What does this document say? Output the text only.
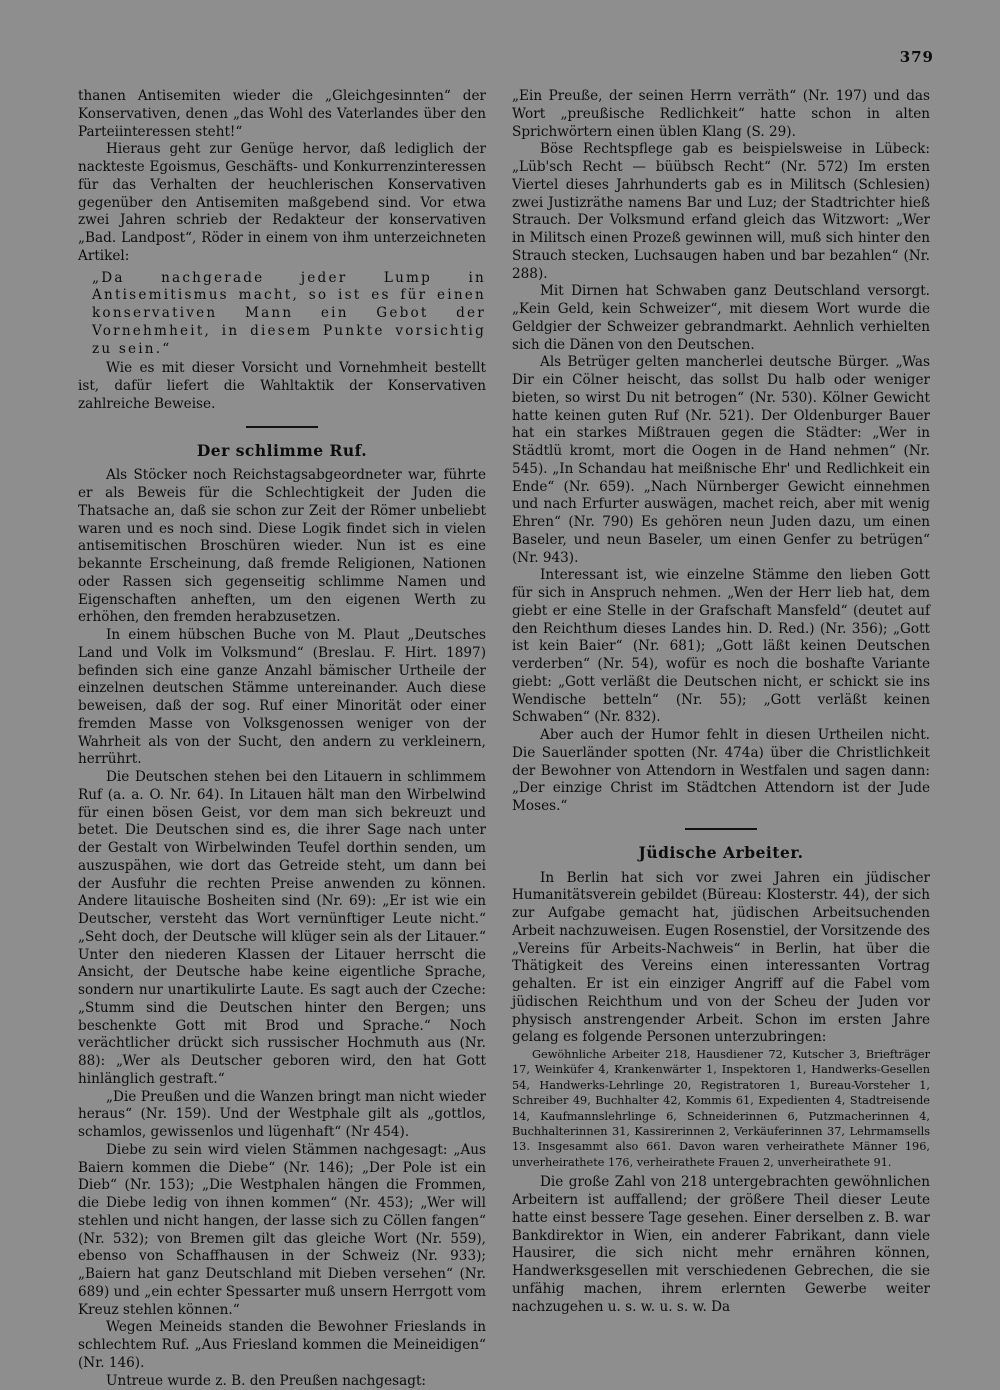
379

thanen Antisemiten wieder die „Gleichgesinnten“ der Konservativen, denen „das Wohl des Vaterlandes über den Parteiinteressen steht!“

Hieraus geht zur Genüge hervor, daß lediglich der nackteste Egoismus, Geschäfts- und Konkurrenzinteressen für das Verhalten der heuchlerischen Konservativen gegenüber den Antisemiten maßgebend sind. Vor etwa zwei Jahren schrieb der Redakteur der konservativen „Bad. Landpost“, Röder in einem von ihm unterzeichneten Artikel:

„Da nachgerade jeder Lump in Antisemitismus macht, so ist es für einen konservativen Mann ein Gebot der Vornehmheit, in diesem Punkte vorsichtig zu sein.“

Wie es mit dieser Vorsicht und Vornehmheit bestellt ist, dafür liefert die Wahltaktik der Konservativen zahlreiche Beweise.

Der schlimme Ruf.

Als Stöcker noch Reichstagsabgeordneter war, führte er als Beweis für die Schlechtigkeit der Juden die Thatsache an, daß sie schon zur Zeit der Römer unbeliebt waren und es noch sind. Diese Logik findet sich in vielen antisemitischen Broschüren wieder. Nun ist es eine bekannte Erscheinung, daß fremde Religionen, Nationen oder Rassen sich gegenseitig schlimme Namen und Eigenschaften anheften, um den eigenen Werth zu erhöhen, den fremden herabzusetzen.

In einem hübschen Buche von M. Plaut „Deutsches Land und Volk im Volksmund“ (Breslau. F. Hirt. 1897) befinden sich eine ganze Anzahl bämischer Urtheile der einzelnen deutschen Stämme untereinander. Auch diese beweisen, daß der sog. Ruf einer Minorität oder einer fremden Masse von Volksgenossen weniger von der Wahrheit als von der Sucht, den andern zu verkleinern, herrührt.

Die Deutschen stehen bei den Litauern in schlimmem Ruf (a. a. O. Nr. 64). In Litauen hält man den Wirbelwind für einen bösen Geist, vor dem man sich bekreuzt und betet. Die Deutschen sind es, die ihrer Sage nach unter der Gestalt von Wirbelwinden Teufel dorthin senden, um auszuspähen, wie dort das Getreide steht, um dann bei der Ausfuhr die rechten Preise anwenden zu können. Andere litauische Bosheiten sind (Nr. 69): „Er ist wie ein Deutscher, versteht das Wort vernünftiger Leute nicht.“ „Seht doch, der Deutsche will klüger sein als der Litauer.“ Unter den niederen Klassen der Litauer herrscht die Ansicht, der Deutsche habe keine eigentliche Sprache, sondern nur unartikulirte Laute. Es sagt auch der Czeche: „Stumm sind die Deutschen hinter den Bergen; uns beschenkte Gott mit Brod und Sprache.“ Noch verächtlicher drückt sich russischer Hochmuth aus (Nr. 88): „Wer als Deutscher geboren wird, den hat Gott hinlänglich gestraft.“

„Die Preußen und die Wanzen bringt man nicht wieder heraus“ (Nr. 159). Und der Westphale gilt als „gottlos, schamlos, gewissenlos und lügenhaft“ (Nr 454).

Diebe zu sein wird vielen Stämmen nachgesagt: „Aus Baiern kommen die Diebe“ (Nr. 146); „Der Pole ist ein Dieb“ (Nr. 153); „Die Westphalen hängen die Frommen, die Diebe ledig von ihnen kommen“ (Nr. 453); „Wer will stehlen und nicht hangen, der lasse sich zu Cöllen fangen“ (Nr. 532); von Bremen gilt das gleiche Wort (Nr. 559), ebenso von Schaffhausen in der Schweiz (Nr. 933); „Baiern hat ganz Deutschland mit Dieben versehen“ (Nr. 689) und „ein echter Spessarter muß unsern Herrgott vom Kreuz stehlen können.“

Wegen Meineids standen die Bewohner Frieslands in schlechtem Ruf. „Aus Friesland kommen die Meineidigen“ (Nr. 146).

Untreue wurde z. B. den Preußen nachgesagt:

„Ein Preuße, der seinen Herrn verräth“ (Nr. 197) und das Wort „preußische Redlichkeit“ hatte schon in alten Sprichwörtern einen üblen Klang (S. 29).

Böse Rechtspflege gab es beispielsweise in Lübeck: „Lüb'sch Recht — büübsch Recht“ (Nr. 572) Im ersten Viertel dieses Jahrhunderts gab es in Militsch (Schlesien) zwei Justizräthe namens Bar und Luz; der Stadtrichter hieß Strauch. Der Volksmund erfand gleich das Witzwort: „Wer in Militsch einen Prozeß gewinnen will, muß sich hinter den Strauch stecken, Luchsaugen haben und bar bezahlen“ (Nr. 288).

Mit Dirnen hat Schwaben ganz Deutschland versorgt. „Kein Geld, kein Schweizer“, mit diesem Wort wurde die Geldgier der Schweizer gebrandmarkt. Aehnlich verhielten sich die Dänen von den Deutschen.

Als Betrüger gelten mancherlei deutsche Bürger. „Was Dir ein Cölner heischt, das sollst Du halb oder weniger bieten, so wirst Du nit betrogen“ (Nr. 530). Kölner Gewicht hatte keinen guten Ruf (Nr. 521). Der Oldenburger Bauer hat ein starkes Mißtrauen gegen die Städter: „Wer in Städtlü kromt, mort die Oogen in de Hand nehmen“ (Nr. 545). „In Schandau hat meißnische Ehr' und Redlichkeit ein Ende“ (Nr. 659). „Nach Nürnberger Gewicht einnehmen und nach Erfurter auswägen, machet reich, aber mit wenig Ehren“ (Nr. 790) Es gehören neun Juden dazu, um einen Baseler, und neun Baseler, um einen Genfer zu betrügen“ (Nr. 943).

Interessant ist, wie einzelne Stämme den lieben Gott für sich in Anspruch nehmen. „Wen der Herr lieb hat, dem giebt er eine Stelle in der Grafschaft Mansfeld“ (deutet auf den Reichthum dieses Landes hin. D. Red.) (Nr. 356); „Gott ist kein Baier“ (Nr. 681); „Gott läßt keinen Deutschen verderben“ (Nr. 54), wofür es noch die boshafte Variante giebt: „Gott verläßt die Deutschen nicht, er schickt sie ins Wendische betteln“ (Nr. 55); „Gott verläßt keinen Schwaben“ (Nr. 832).

Aber auch der Humor fehlt in diesen Urtheilen nicht. Die Sauerländer spotten (Nr. 474a) über die Christlichkeit der Bewohner von Attendorn in Westfalen und sagen dann: „Der einzige Christ im Städtchen Attendorn ist der Jude Moses.“

Jüdische Arbeiter.

In Berlin hat sich vor zwei Jahren ein jüdischer Humanitätsverein gebildet (Büreau: Klosterstr. 44), der sich zur Aufgabe gemacht hat, jüdischen Arbeitsuchenden Arbeit nachzuweisen. Eugen Rosenstiel, der Vorsitzende des „Vereins für Arbeits-Nachweis“ in Berlin, hat über die Thätigkeit des Vereins einen interessanten Vortrag gehalten. Er ist ein einziger Angriff auf die Fabel vom jüdischen Reichthum und von der Scheu der Juden vor physisch anstrengender Arbeit. Schon im ersten Jahre gelang es folgende Personen unterzubringen:

Gewöhnliche Arbeiter 218, Hausdiener 72, Kutscher 3, Briefträger 17, Weinküfer 4, Krankenwärter 1, Inspektoren 1, Handwerks-Gesellen 54, Handwerks-Lehrlinge 20, Registratoren 1, Bureau-Vorsteher 1, Schreiber 49, Buchhalter 42, Kommis 61, Expedienten 4, Stadtreisende 14, Kaufmannslehrlinge 6, Schneiderinnen 6, Putzmacherinnen 4, Buchhalterinnen 31, Kassirerinnen 2, Verkäuferinnen 37, Lehrmamsells 13. Insgesammt also 661. Davon waren verheirathete Männer 196, unverheirathete 176, verheirathete Frauen 2, unverheirathete 91.

Die große Zahl von 218 untergebrachten gewöhnlichen Arbeitern ist auffallend; der größere Theil dieser Leute hatte einst bessere Tage gesehen. Einer derselben z. B. war Bankdirektor in Wien, ein anderer Fabrikant, dann viele Hausirer, die sich nicht mehr ernähren können, Handwerksgesellen mit verschiedenen Gebrechen, die sie unfähig machen, ihrem erlernten Gewerbe weiter nachzugehen u. s. w. u. s. w. Da
